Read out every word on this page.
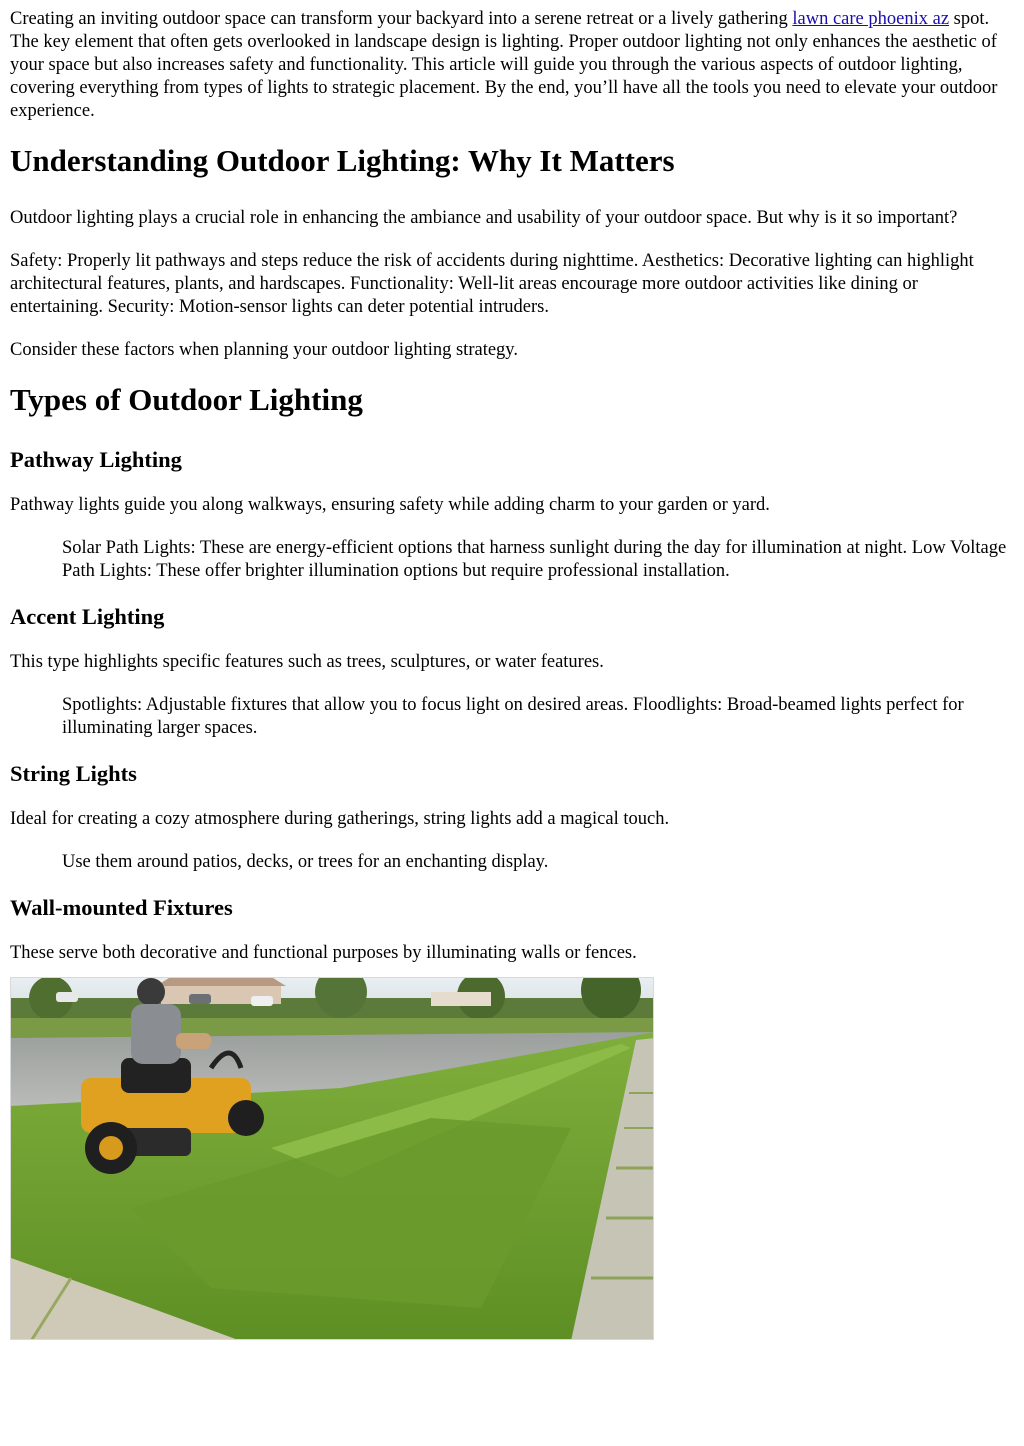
Creating an inviting outdoor space can transform your backyard into a serene retreat or a lively gathering lawn care phoenix az spot. The key element that often gets overlooked in landscape design is lighting. Proper outdoor lighting not only enhances the aesthetic of your space but also increases safety and functionality. This article will guide you through the various aspects of outdoor lighting, covering everything from types of lights to strategic placement. By the end, you’ll have all the tools you need to elevate your outdoor experience.

Understanding Outdoor Lighting: Why It Matters

Outdoor lighting plays a crucial role in enhancing the ambiance and usability of your outdoor space. But why is it so important?

Safety: Properly lit pathways and steps reduce the risk of accidents during nighttime. Aesthetics: Decorative lighting can highlight architectural features, plants, and hardscapes. Functionality: Well-lit areas encourage more outdoor activities like dining or entertaining. Security: Motion-sensor lights can deter potential intruders.

Consider these factors when planning your outdoor lighting strategy.

Types of Outdoor Lighting
Pathway Lighting

Pathway lights guide you along walkways, ensuring safety while adding charm to your garden or yard.

Solar Path Lights: These are energy-efficient options that harness sunlight during the day for illumination at night. Low Voltage Path Lights: These offer brighter illumination options but require professional installation.

Accent Lighting

This type highlights specific features such as trees, sculptures, or water features.

Spotlights: Adjustable fixtures that allow you to focus light on desired areas. Floodlights: Broad-beamed lights perfect for illuminating larger spaces.

String Lights

Ideal for creating a cozy atmosphere during gatherings, string lights add a magical touch.

Use them around patios, decks, or trees for an enchanting display.

Wall-mounted Fixtures

These serve both decorative and functional purposes by illuminating walls or fences.
